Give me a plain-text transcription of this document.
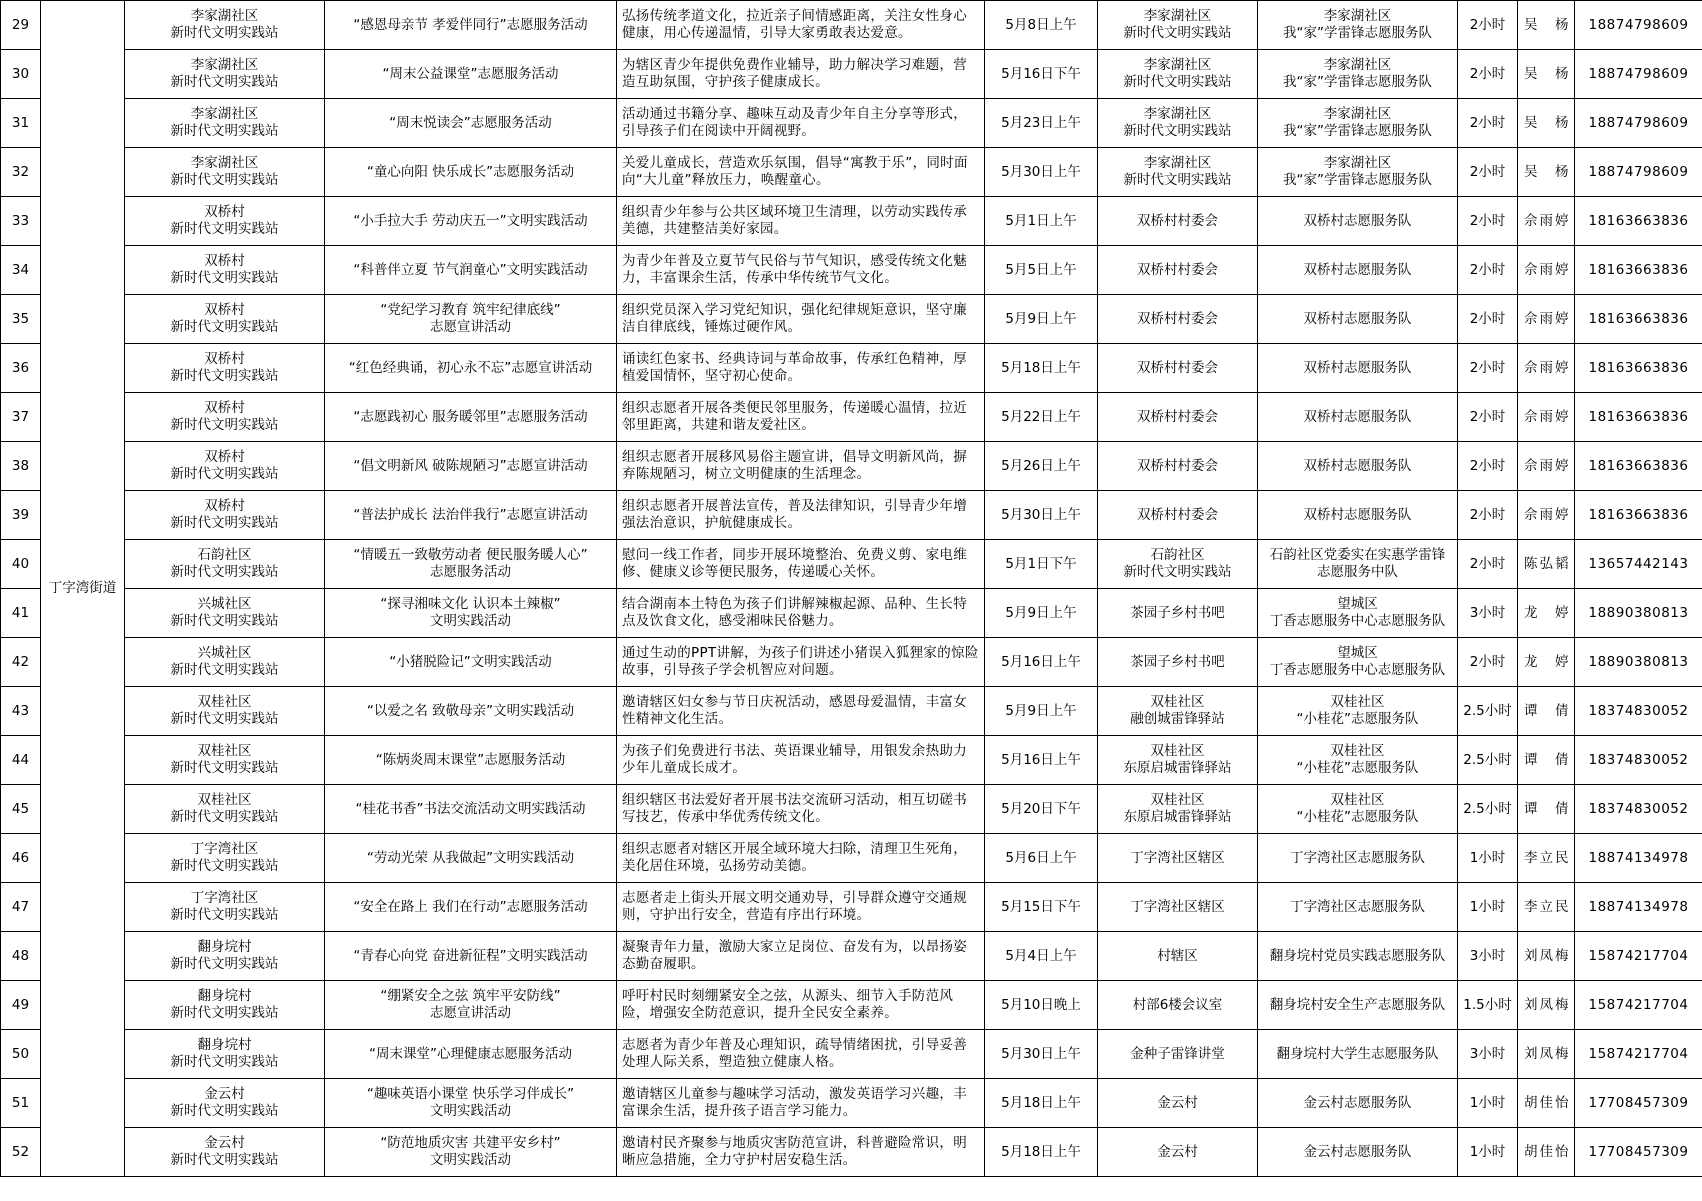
29	丁字湾街道	李家湖社区
新时代文明实践站	“感恩母亲节 孝爱伴同行”志愿服务活动	弘扬传统孝道文化，拉近亲子间情感距离，关注女性身心健康，用心传递温情，引导大家勇敢表达爱意。	5月8日上午	李家湖社区
新时代文明实践站	李家湖社区
我“家”学雷锋志愿服务队	2小时	吴　杨	18874798609
30		李家湖社区
新时代文明实践站	“周末公益课堂”志愿服务活动	为辖区青少年提供免费作业辅导，助力解决学习难题，营造互助氛围，守护孩子健康成长。	5月16日下午	李家湖社区
新时代文明实践站	李家湖社区
我“家”学雷锋志愿服务队	2小时	吴　杨	18874798609
31		李家湖社区
新时代文明实践站	“周末悦读会”志愿服务活动	活动通过书籍分享、趣味互动及青少年自主分享等形式，引导孩子们在阅读中开阔视野。	5月23日上午	李家湖社区
新时代文明实践站	李家湖社区
我“家”学雷锋志愿服务队	2小时	吴　杨	18874798609
32		李家湖社区
新时代文明实践站	“童心向阳 快乐成长”志愿服务活动	关爱儿童成长，营造欢乐氛围，倡导“寓教于乐”，同时面向“大儿童”释放压力，唤醒童心。	5月30日上午	李家湖社区
新时代文明实践站	李家湖社区
我“家”学雷锋志愿服务队	2小时	吴　杨	18874798609
33		双桥村
新时代文明实践站	“小手拉大手 劳动庆五一”文明实践活动	组织青少年参与公共区域环境卫生清理，以劳动实践传承美德，共建整洁美好家园。	5月1日上午	双桥村村委会	双桥村志愿服务队	2小时	佘雨婷	18163663836
34		双桥村
新时代文明实践站	“科普伴立夏 节气润童心”文明实践活动	为青少年普及立夏节气民俗与节气知识，感受传统文化魅力，丰富课余生活，传承中华传统节气文化。	5月5日上午	双桥村村委会	双桥村志愿服务队	2小时	佘雨婷	18163663836
35		双桥村
新时代文明实践站	“党纪学习教育 筑牢纪律底线”
志愿宣讲活动	组织党员深入学习党纪知识，强化纪律规矩意识，坚守廉洁自律底线，锤炼过硬作风。	5月9日上午	双桥村村委会	双桥村志愿服务队	2小时	佘雨婷	18163663836
36		双桥村
新时代文明实践站	“红色经典诵，初心永不忘”志愿宣讲活动	诵读红色家书、经典诗词与革命故事，传承红色精神，厚植爱国情怀，坚守初心使命。	5月18日上午	双桥村村委会	双桥村志愿服务队	2小时	佘雨婷	18163663836
37		双桥村
新时代文明实践站	“志愿践初心 服务暖邻里”志愿服务活动	组织志愿者开展各类便民邻里服务，传递暖心温情，拉近邻里距离，共建和谐友爱社区。	5月22日上午	双桥村村委会	双桥村志愿服务队	2小时	佘雨婷	18163663836
38		双桥村
新时代文明实践站	“倡文明新风 破陈规陋习”志愿宣讲活动	组织志愿者开展移风易俗主题宣讲，倡导文明新风尚，摒弃陈规陋习，树立文明健康的生活理念。	5月26日上午	双桥村村委会	双桥村志愿服务队	2小时	佘雨婷	18163663836
39		双桥村
新时代文明实践站	“普法护成长 法治伴我行”志愿宣讲活动	组织志愿者开展普法宣传，普及法律知识，引导青少年增强法治意识，护航健康成长。	5月30日上午	双桥村村委会	双桥村志愿服务队	2小时	佘雨婷	18163663836
40		石韵社区
新时代文明实践站	“情暖五一致敬劳动者 便民服务暖人心”
志愿服务活动	慰问一线工作者，同步开展环境整治、免费义剪、家电维修、健康义诊等便民服务，传递暖心关怀。	5月1日下午	石韵社区
新时代文明实践站	石韵社区党委实在实惠学雷锋
志愿服务中队	2小时	陈弘韬	13657442143
41		兴城社区
新时代文明实践站	“探寻湘味文化 认识本土辣椒”
文明实践活动	结合湖南本土特色为孩子们讲解辣椒起源、品种、生长特点及饮食文化，感受湘味民俗魅力。	5月9日上午	茶园子乡村书吧	望城区
丁香志愿服务中心志愿服务队	3小时	龙　婷	18890380813
42		兴城社区
新时代文明实践站	“小猪脱险记”文明实践活动	通过生动的PPT讲解，为孩子们讲述小猪误入狐狸家的惊险故事，引导孩子学会机智应对问题。	5月16日上午	茶园子乡村书吧	望城区
丁香志愿服务中心志愿服务队	2小时	龙　婷	18890380813
43		双桂社区
新时代文明实践站	“以爱之名 致敬母亲”文明实践活动	邀请辖区妇女参与节日庆祝活动，感恩母爱温情，丰富女性精神文化生活。	5月9日上午	双桂社区
融创城雷锋驿站	双桂社区
“小桂花”志愿服务队	2.5小时	谭　倩	18374830052
44		双桂社区
新时代文明实践站	“陈炳炎周末课堂”志愿服务活动	为孩子们免费进行书法、英语课业辅导，用银发余热助力少年儿童成长成才。	5月16日上午	双桂社区
东原启城雷锋驿站	双桂社区
“小桂花”志愿服务队	2.5小时	谭　倩	18374830052
45		双桂社区
新时代文明实践站	“桂花书香”书法交流活动文明实践活动	组织辖区书法爱好者开展书法交流研习活动，相互切磋书写技艺，传承中华优秀传统文化。	5月20日下午	双桂社区
东原启城雷锋驿站	双桂社区
“小桂花”志愿服务队	2.5小时	谭　倩	18374830052
46		丁字湾社区
新时代文明实践站	“劳动光荣 从我做起”文明实践活动	组织志愿者对辖区开展全域环境大扫除，清理卫生死角，美化居住环境，弘扬劳动美德。	5月6日上午	丁字湾社区辖区	丁字湾社区志愿服务队	1小时	李立民	18874134978
47		丁字湾社区
新时代文明实践站	“安全在路上 我们在行动”志愿服务活动	志愿者走上街头开展文明交通劝导，引导群众遵守交通规则，守护出行安全，营造有序出行环境。	5月15日下午	丁字湾社区辖区	丁字湾社区志愿服务队	1小时	李立民	18874134978
48		翻身垸村
新时代文明实践站	“青春心向党 奋进新征程”文明实践活动	凝聚青年力量，激励大家立足岗位、奋发有为，以昂扬姿态勤奋履职。	5月4日上午	村辖区	翻身垸村党员实践志愿服务队	3小时	刘凤梅	15874217704
49		翻身垸村
新时代文明实践站	“绷紧安全之弦 筑牢平安防线”
志愿宣讲活动	呼吁村民时刻绷紧安全之弦，从源头、细节入手防范风险，增强安全防范意识，提升全民安全素养。	5月10日晚上	村部6楼会议室	翻身垸村安全生产志愿服务队	1.5小时	刘凤梅	15874217704
50		翻身垸村
新时代文明实践站	“周末课堂”心理健康志愿服务活动	志愿者为青少年普及心理知识，疏导情绪困扰，引导妥善处理人际关系，塑造独立健康人格。	5月30日上午	金种子雷锋讲堂	翻身垸村大学生志愿服务队	3小时	刘凤梅	15874217704
51		金云村
新时代文明实践站	“趣味英语小课堂 快乐学习伴成长”
文明实践活动	邀请辖区儿童参与趣味学习活动，激发英语学习兴趣，丰富课余生活，提升孩子语言学习能力。	5月18日上午	金云村	金云村志愿服务队	1小时	胡佳怡	17708457309
52		金云村
新时代文明实践站	“防范地质灾害 共建平安乡村”
文明实践活动	邀请村民齐聚参与地质灾害防范宣讲，科普避险常识，明晰应急措施，全力守护村居安稳生活。	5月18日上午	金云村	金云村志愿服务队	1小时	胡佳怡	17708457309
